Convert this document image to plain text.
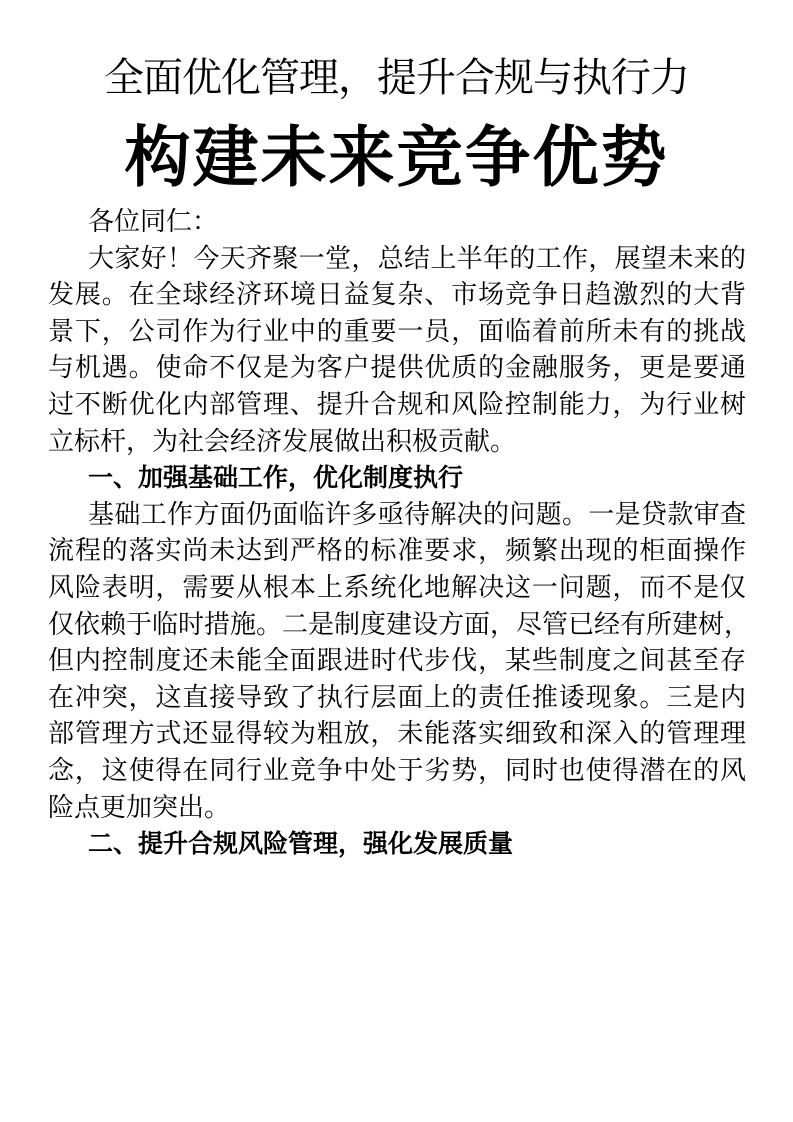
全面优化管理，提升合规与执行力
构建未来竞争优势
各位同仁：
大家好！今天齐聚一堂，总结上半年的工作，展望未来的
发展。在全球经济环境日益复杂、市场竞争日趋激烈的大背
景下，公司作为行业中的重要一员，面临着前所未有的挑战
与机遇。使命不仅是为客户提供优质的金融服务，更是要通
过不断优化内部管理、提升合规和风险控制能力，为行业树
立标杆，为社会经济发展做出积极贡献。
一、加强基础工作，优化制度执行
基础工作方面仍面临许多亟待解决的问题。一是贷款审查
流程的落实尚未达到严格的标准要求，频繁出现的柜面操作
风险表明，需要从根本上系统化地解决这一问题，而不是仅
仅依赖于临时措施。二是制度建设方面，尽管已经有所建树，
但内控制度还未能全面跟进时代步伐，某些制度之间甚至存
在冲突，这直接导致了执行层面上的责任推诿现象。三是内
部管理方式还显得较为粗放，未能落实细致和深入的管理理
念，这使得在同行业竞争中处于劣势，同时也使得潜在的风
险点更加突出。
二、提升合规风险管理，强化发展质量
